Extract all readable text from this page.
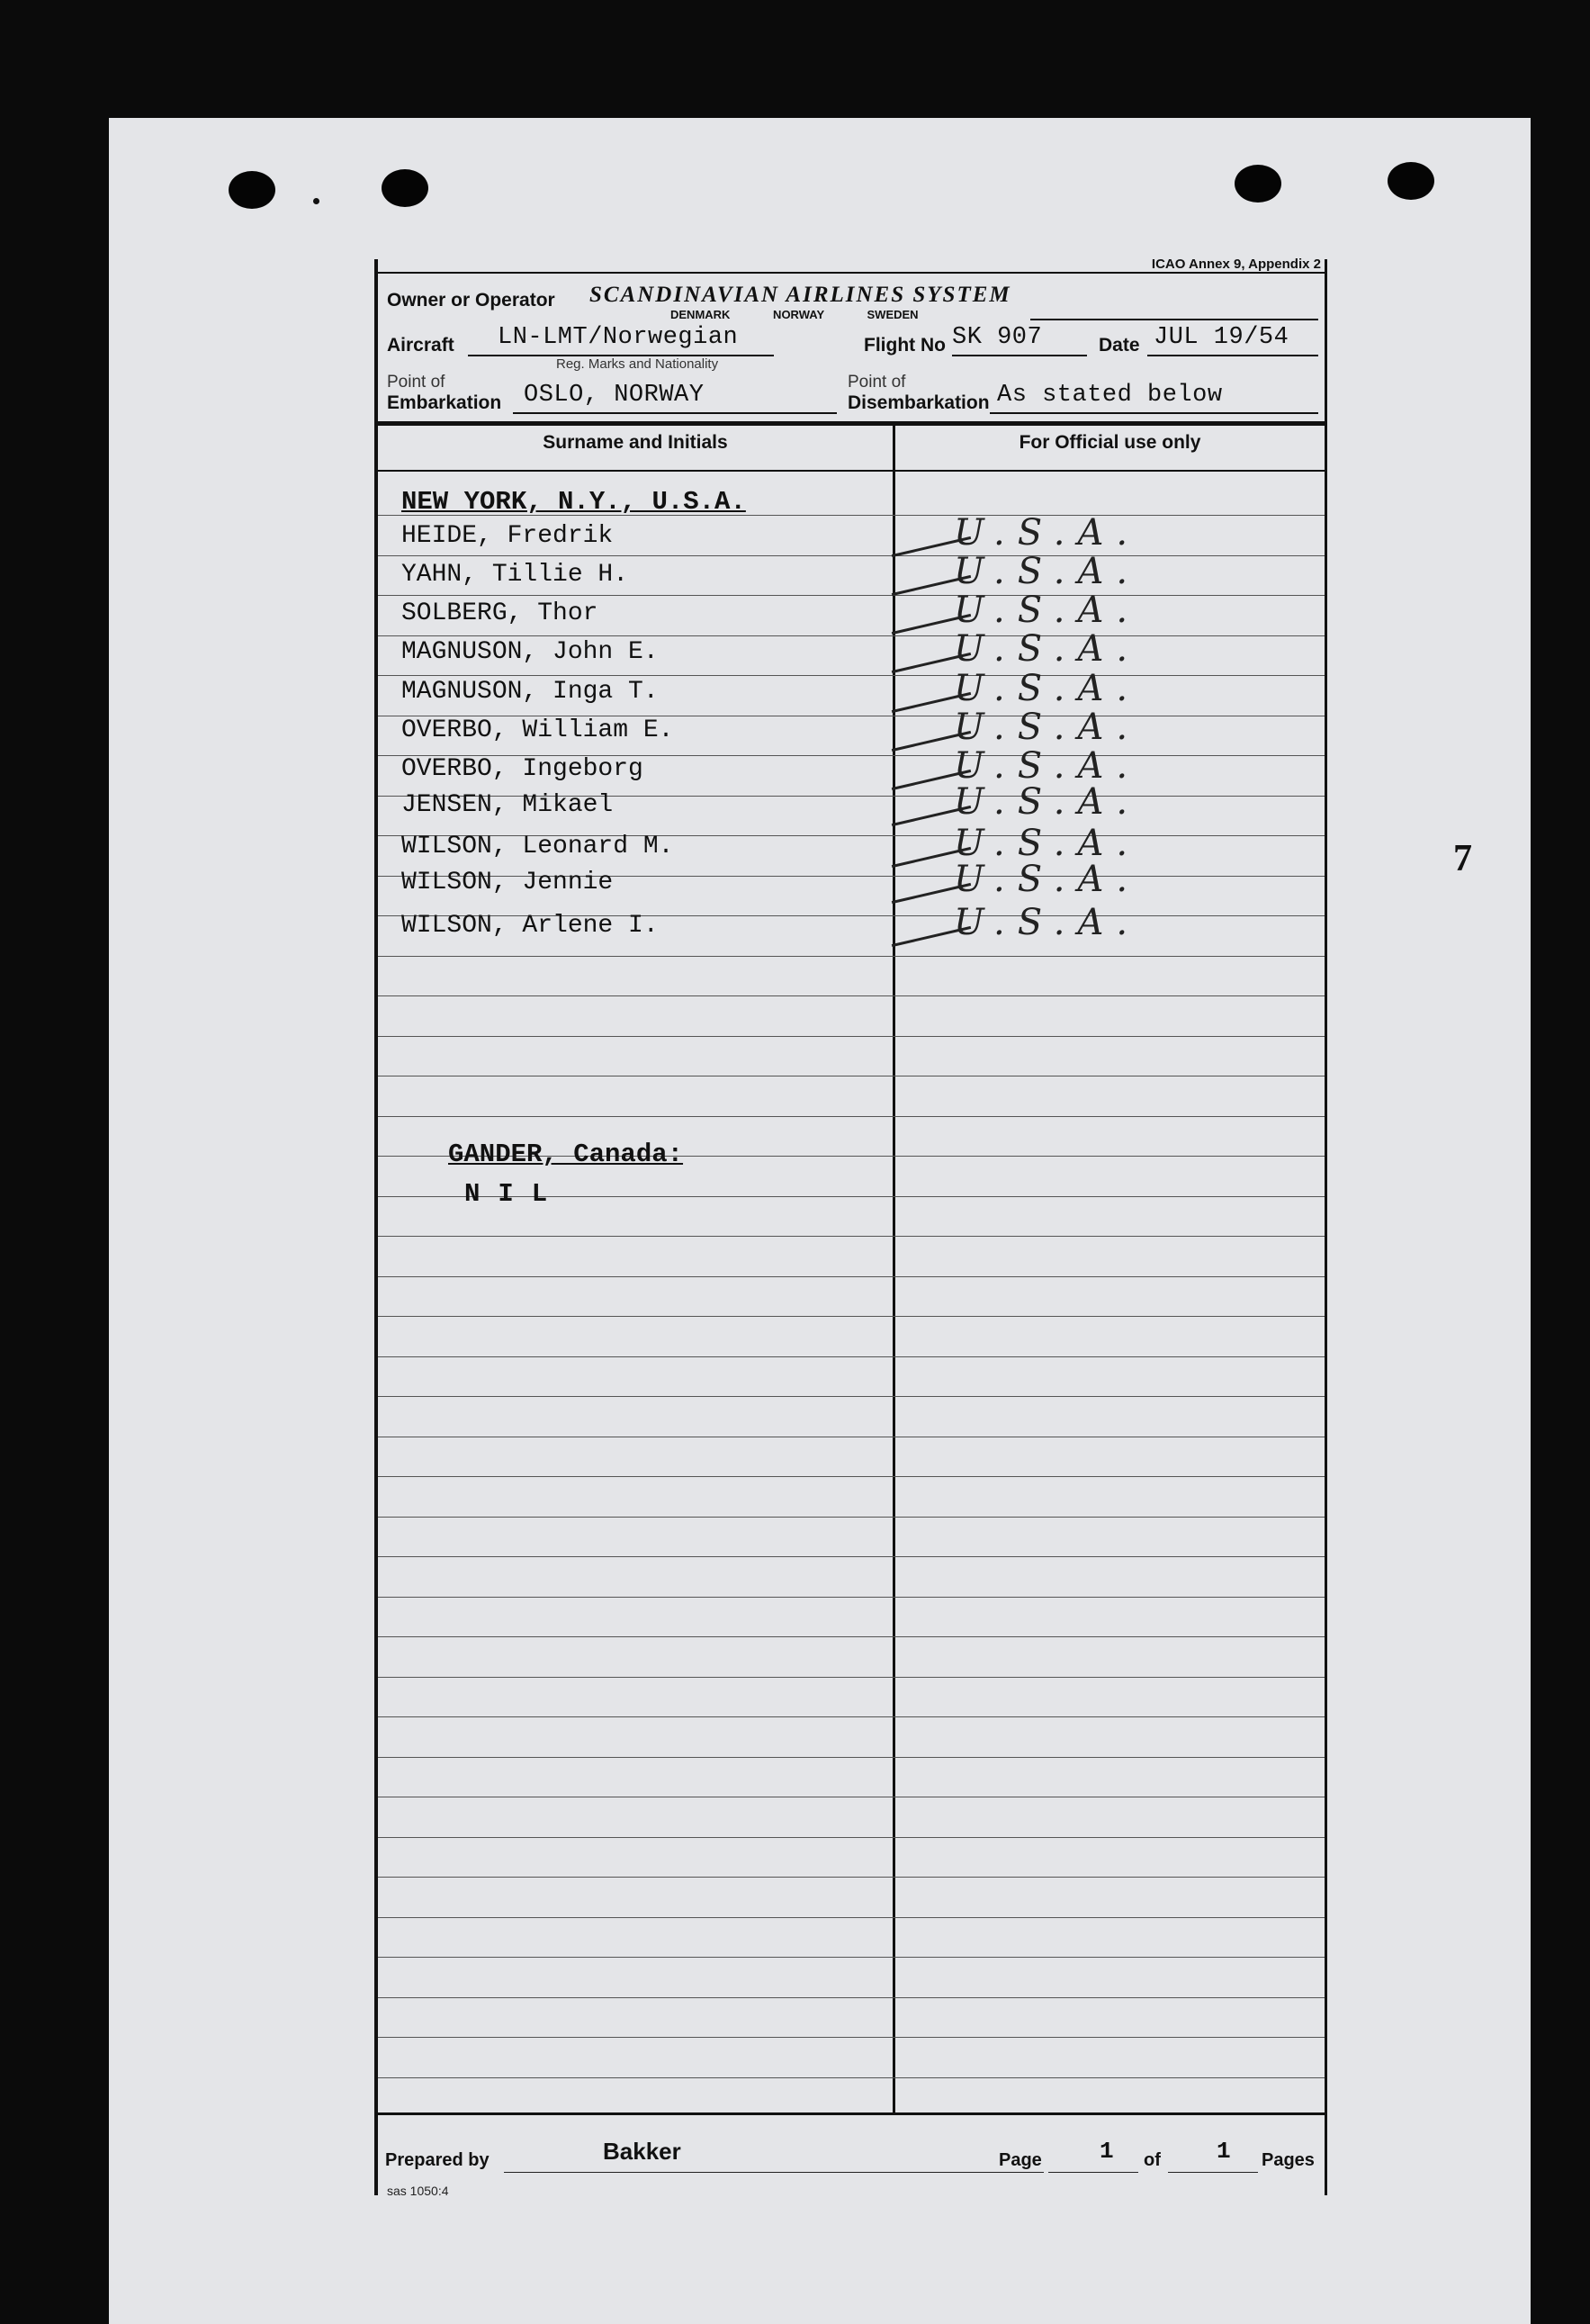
7
ICAO Annex 9, Appendix 2
Owner or Operator SCANDINAVIAN AIRLINES SYSTEM
DENMARK NORWAY SWEDEN
Aircraft LN-LMT/Norwegian
Reg. Marks and Nationality
Flight No SK 907	Date JUL 19/54
Point of
Embarkation OSLO, NORWAY	Point of
Disembarkation As stated below
Surname and Initials	For Official use only
NEW YORK, N.Y., U.S.A.
HEIDE, Fredrik	U.S.A.
YAHN, Tillie H.	U.S.A.
SOLBERG, Thor	U.S.A.
MAGNUSON, John E.	U.S.A.
MAGNUSON, Inga T.	U.S.A.
OVERBO, William E.	U.S.A.
OVERBO, Ingeborg	U.S.A.
JENSEN, Mikael	U.S.A.
WILSON, Leonard M.	U.S.A.
WILSON, Jennie	U.S.A.
WILSON, Arlene I.	U.S.A.
GANDER, Canada:
NIL
Prepared by	Bakker	Page 1 of 1 Pages
sas 1050:4
